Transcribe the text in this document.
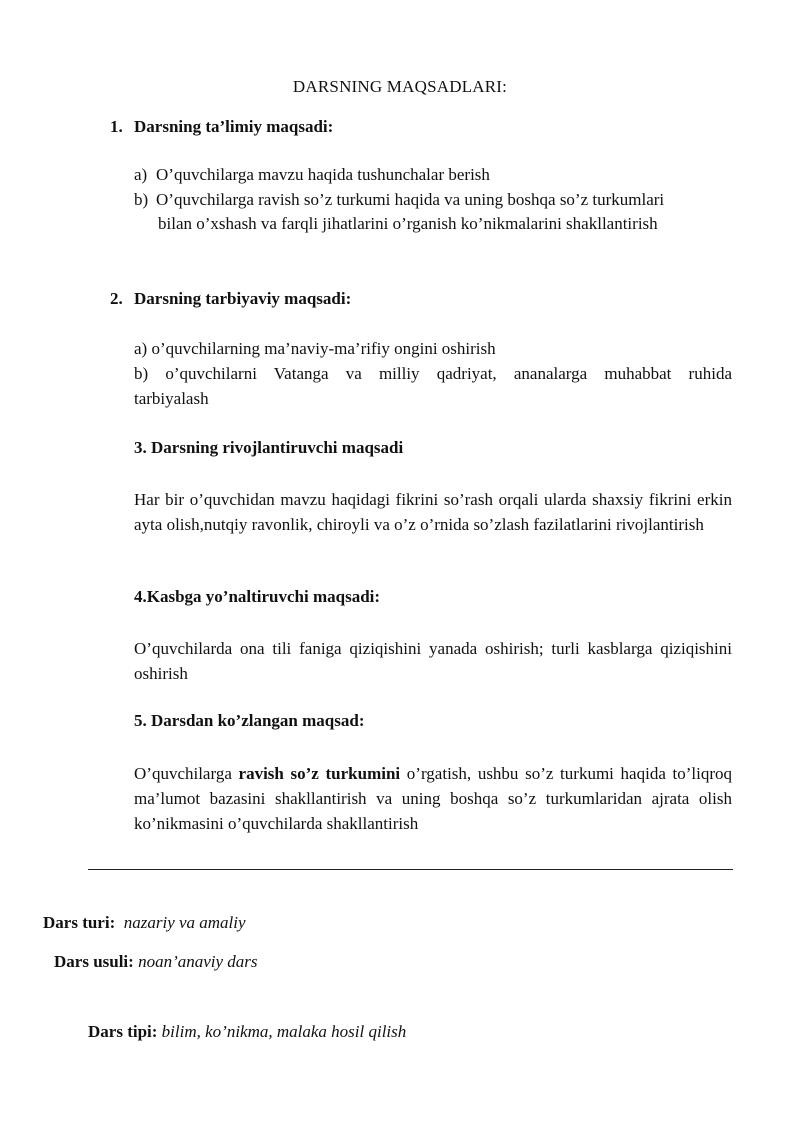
DARSNING MAQSADLARI:
1. Darsning ta’limiy maqsadi:
a) O’quvchilarga mavzu haqida tushunchalar berish
b) O’quvchilarga ravish so’z turkumi haqida va uning boshqa so’z turkumlari
bilan o’xshash va farqli jihatlarini o’rganish ko’nikmalarini shakllantirish
2. Darsning tarbiyaviy maqsadi:
a) o’quvchilarning ma’naviy-ma’rifiy ongini oshirish
b) o’quvchilarni Vatanga va milliy qadriyat, ananalarga muhabbat ruhida
tarbiyalash
3. Darsning rivojlantiruvchi maqsadi
Har bir o’quvchidan mavzu haqidagi fikrini so’rash orqali ularda shaxsiy fikrini erkin ayta olish,nutqiy ravonlik, chiroyli va o’z o’rnida so’zlash fazilatlarini rivojlantirish
4.Kasbga yo’naltiruvchi maqsadi:
O’quvchilarda ona tili faniga qiziqishini yanada oshirish; turli kasblarga qiziqishini oshirish
5. Darsdan ko’zlangan maqsad:
O’quvchilarga ravish so’z turkumini o’rgatish, ushbu so’z turkumi haqida to’liqroq ma’lumot bazasini shakllantirish va uning boshqa so’z turkumlaridan ajrata olish ko’nikmasini o’quvchilarda shakllantirish
Dars turi: nazariy va amaliy
Dars usuli: noan’anaviy dars
Dars tipi: bilim, ko’nikma, malaka hosil qilish
